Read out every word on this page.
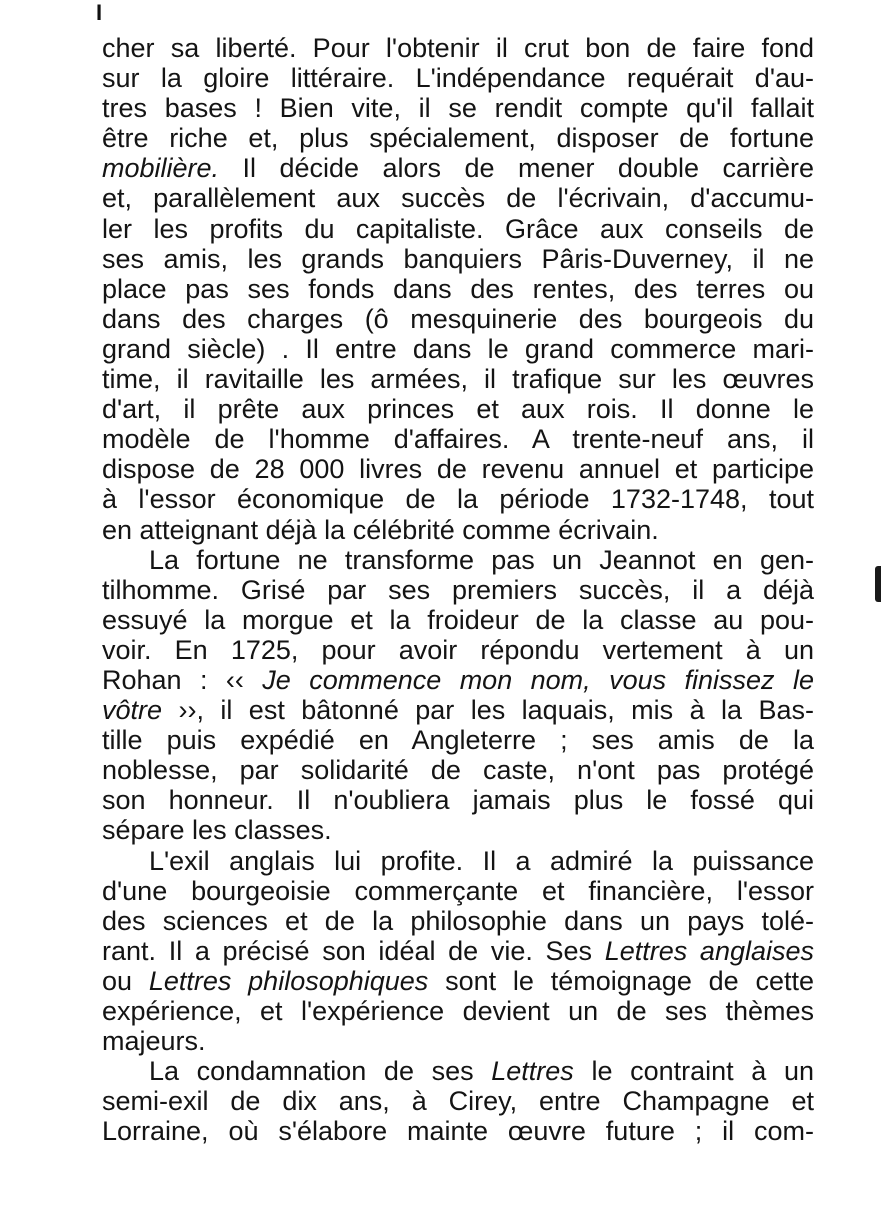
I
cher sa liberté. Pour l'obtenir il crut bon de faire fond
sur la gloire littéraire. L'indépendance requérait d'au-
tres bases ! Bien vite, il se rendit compte qu'il fallait
être riche et, plus spécialement, disposer de fortune
mobilière. Il décide alors de mener double carrière
et, parallèlement aux succès de l'écrivain, d'accumu-
ler les profits du capitaliste. Grâce aux conseils de
ses amis, les grands banquiers Pâris-Duverney, il ne
place pas ses fonds dans des rentes, des terres ou
dans des charges (ô mesquinerie des bourgeois du
grand siècle) . Il entre dans le grand commerce mari-
time, il ravitaille les armées, il trafique sur les œuvres
d'art, il prête aux princes et aux rois. Il donne le
modèle de l'homme d'affaires. A trente-neuf ans, il
dispose de 28 000 livres de revenu annuel et participe
à l'essor économique de la période 1732-1748, tout
en atteignant déjà la célébrité comme écrivain.
La fortune ne transforme pas un Jeannot en gen-
tilhomme. Grisé par ses premiers succès, il a déjà
essuyé la morgue et la froideur de la classe au pou-
voir. En 1725, pour avoir répondu vertement à un
Rohan : ‹‹ Je commence mon nom, vous finissez le
vôtre ››, il est bâtonné par les laquais, mis à la Bas-
tille puis expédié en Angleterre ; ses amis de la
noblesse, par solidarité de caste, n'ont pas protégé
son honneur. Il n'oubliera jamais plus le fossé qui
sépare les classes.
L'exil anglais lui profite. Il a admiré la puissance
d'une bourgeoisie commerçante et financière, l'essor
des sciences et de la philosophie dans un pays tolé-
rant. Il a précisé son idéal de vie. Ses Lettres anglaises
ou Lettres philosophiques sont le témoignage de cette
expérience, et l'expérience devient un de ses thèmes
majeurs.
La condamnation de ses Lettres le contraint à un
semi-exil de dix ans, à Cirey, entre Champagne et
Lorraine, où s'élabore mainte œuvre future ; il com-
